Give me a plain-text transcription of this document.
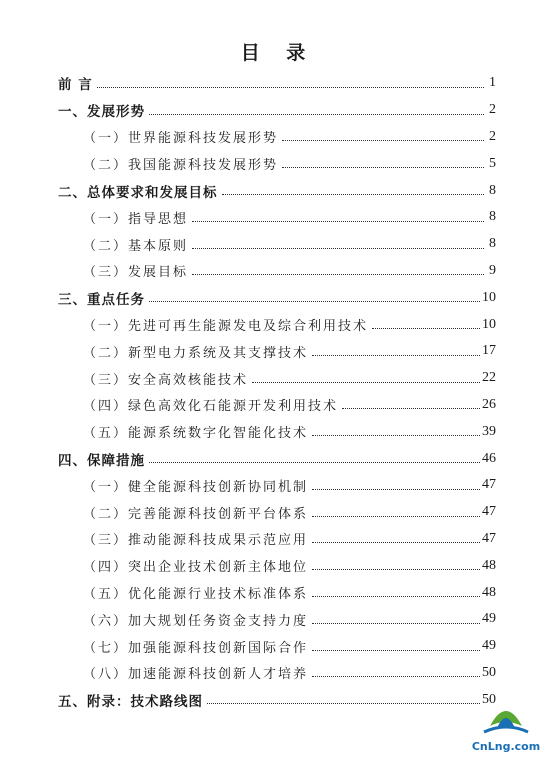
目 录
前 言	1
一、发展形势	2
（一）世界能源科技发展形势	2
（二）我国能源科技发展形势	5
二、总体要求和发展目标	8
（一）指导思想	8
（二）基本原则	8
（三）发展目标	9
三、重点任务	10
（一）先进可再生能源发电及综合利用技术	10
（二）新型电力系统及其支撑技术	17
（三）安全高效核能技术	22
（四）绿色高效化石能源开发利用技术	26
（五）能源系统数字化智能化技术	39
四、保障措施	46
（一）健全能源科技创新协同机制	47
（二）完善能源科技创新平台体系	47
（三）推动能源科技成果示范应用	47
（四）突出企业技术创新主体地位	48
（五）优化能源行业技术标准体系	48
（六）加大规划任务资金支持力度	49
（七）加强能源科技创新国际合作	49
（八）加速能源科技创新人才培养	50
五、附录：技术路线图	50
CnLng.com
